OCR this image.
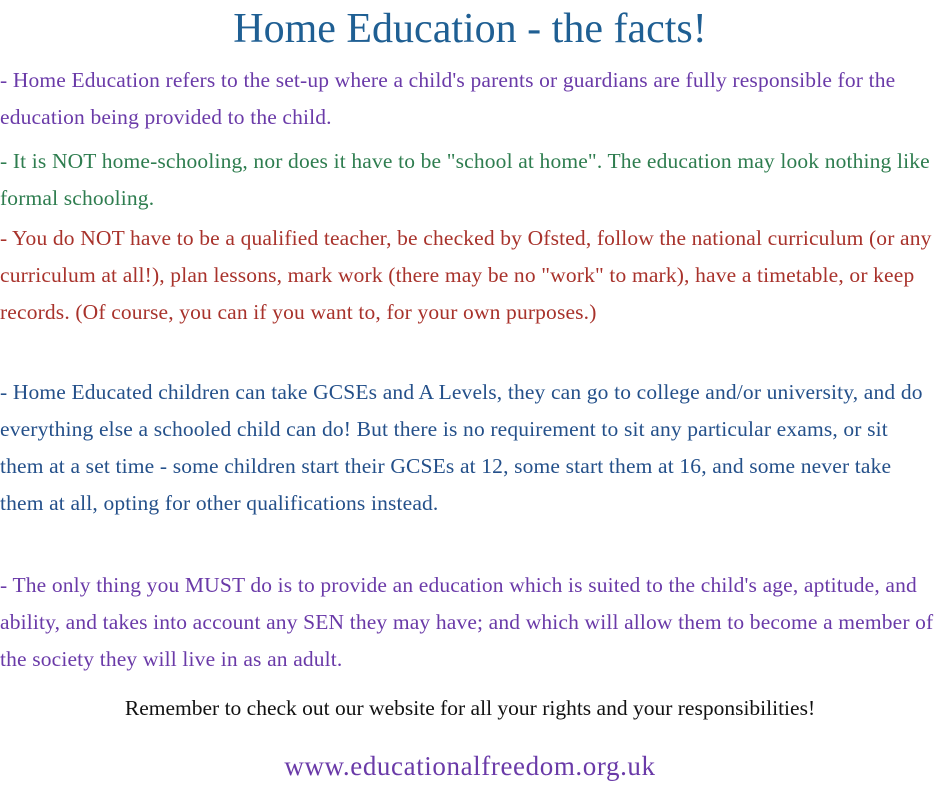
Home Education - the facts!

- Home Education refers to the set-up where a child's parents or guardians are fully responsible for the education being provided to the child.

- It is NOT home-schooling, nor does it have to be "school at home". The education may look nothing like formal schooling.

- You do NOT have to be a qualified teacher, be checked by Ofsted, follow the national curriculum (or any curriculum at all!), plan lessons, mark work (there may be no "work" to mark), have a timetable, or keep records. (Of course, you can if you want to, for your own purposes.)

- Home Educated children can take GCSEs and A Levels, they can go to college and/or university, and do everything else a schooled child can do! But there is no requirement to sit any particular exams, or sit them at a set time - some children start their GCSEs at 12, some start them at 16, and some never take them at all, opting for other qualifications instead.

- The only thing you MUST do is to provide an education which is suited to the child's age, aptitude, and ability, and takes into account any SEN they may have; and which will allow them to become a member of the society they will live in as an adult.

Remember to check out our website for all your rights and your responsibilities!

www.educationalfreedom.org.uk
